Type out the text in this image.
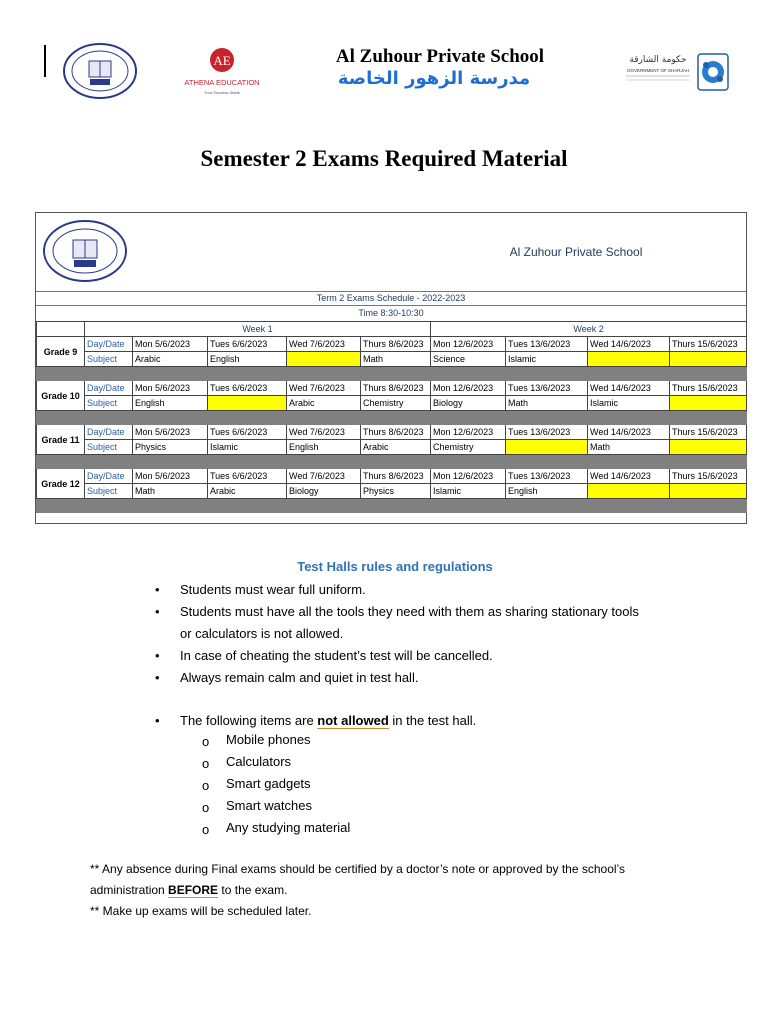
AE
ATHENA EDUCATION
Your Success Starts
Al Zuhour Private School
مدرسة الزهور الخاصة
حكومة الشارقة
GOVERNMENT OF SHARJAH
Semester 2 Exams Required Material
Al Zuhour Private School
Term 2 Exams Schedule - 2022-2023
Time 8:30-10:30
	Week 1					Week 2			
Grade 9	Day/Date	Mon 5/6/2023	Tues 6/6/2023	Wed 7/6/2023	Thurs 8/6/2023	Mon 12/6/2023	Tues 13/6/2023	Wed 14/6/2023	Thurs 15/6/2023
	Subject	Arabic	English		Math	Science	Islamic		

Grade 10	Day/Date	Mon 5/6/2023	Tues 6/6/2023	Wed 7/6/2023	Thurs 8/6/2023	Mon 12/6/2023	Tues 13/6/2023	Wed 14/6/2023	Thurs 15/6/2023
	Subject	English		Arabic	Chemistry	Biology	Math	Islamic	

Grade 11	Day/Date	Mon 5/6/2023	Tues 6/6/2023	Wed 7/6/2023	Thurs 8/6/2023	Mon 12/6/2023	Tues 13/6/2023	Wed 14/6/2023	Thurs 15/6/2023
	Subject	Physics	Islamic	English	Arabic	Chemistry		Math	

Grade 12	Day/Date	Mon 5/6/2023	Tues 6/6/2023	Wed 7/6/2023	Thurs 8/6/2023	Mon 12/6/2023	Tues 13/6/2023	Wed 14/6/2023	Thurs 15/6/2023
	Subject	Math	Arabic	Biology	Physics	Islamic	English		

Test Halls rules and regulations
• Students must wear full uniform.
• Students must have all the tools they need with them as sharing stationary tools
or calculators is not allowed.
• In case of cheating the student’s test will be cancelled.
• Always remain calm and quiet in test hall.
• The following items are not allowed in the test hall.
o Mobile phones
o Calculators
o Smart gadgets
o Smart watches
o Any studying material
** Any absence during Final exams should be certified by a doctor’s note or approved by the school’s
administration BEFORE to the exam.
** Make up exams will be scheduled later.
